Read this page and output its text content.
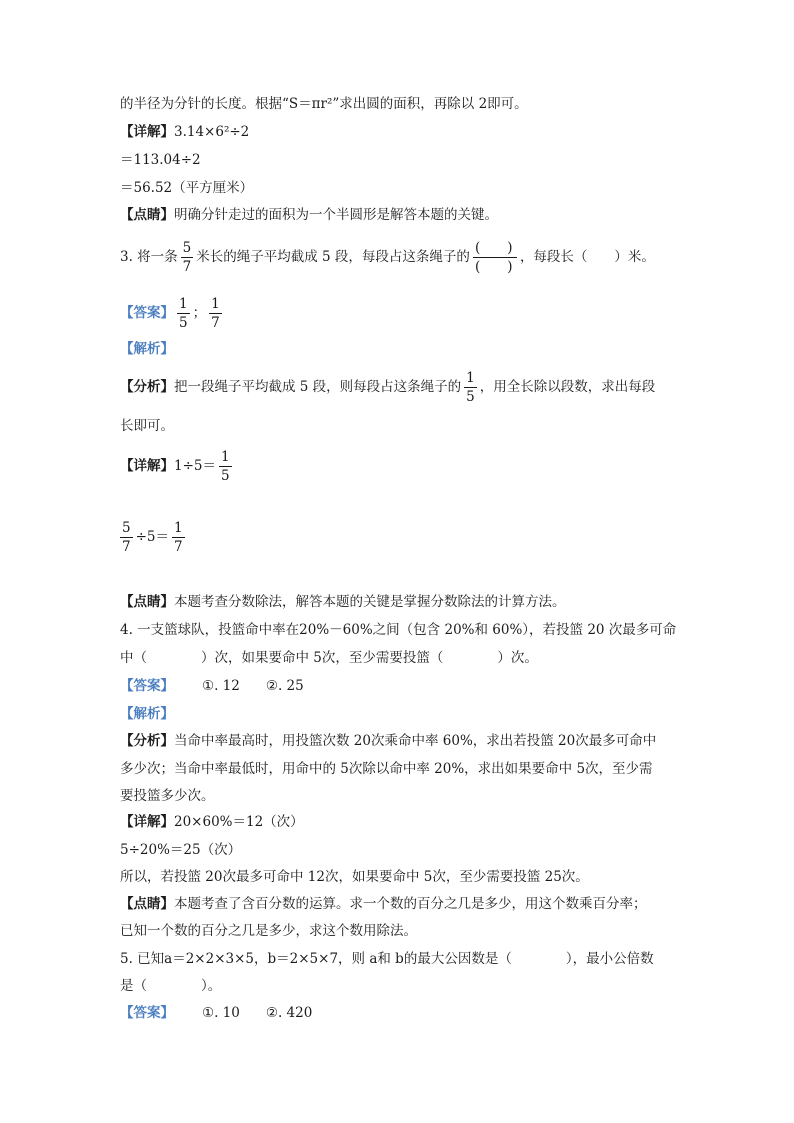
的半径为分针的长度。根据“S＝πr²”求出圆的面积，再除以 2即可。
【详解】3.14×6²÷2
＝113.04÷2
＝56.52（平方厘米）
【点睛】明确分针走过的面积为一个半圆形是解答本题的关键。
3. 将一条 $\frac{5}{7}$ 米长的绳子平均截成 5 段，每段占这条绳子的 $\frac{( )}{( )}$ ，每段长（　　）米。
【答案】 $\frac{1}{5}$ ； $\frac{1}{7}$
【解析】
【分析】把一段绳子平均截成 5 段，则每段占这条绳子的 $\frac{1}{5}$ ，用全长除以段数，求出每段
长即可。
【详解】$1\div 5= \frac{1}{5}$
$\frac{5}{7} \div 5= \frac{1}{7}$
【点睛】本题考查分数除法，解答本题的关键是掌握分数除法的计算方法。
4. 一支篮球队，投篮命中率在20%－60%之间（包含 20%和 60%），若投篮 20 次最多可命
中（　　　　）次，如果要命中 5次，至少需要投篮（　　　　）次。
【答案】 ①. 12 ②. 25
【解析】
【分析】当命中率最高时，用投篮次数 20次乘命中率 60%，求出若投篮 20次最多可命中
多少次；当命中率最低时，用命中的 5次除以命中率 20%，求出如果要命中 5次，至少需
要投篮多少次。
【详解】20×60%＝12（次）
5÷20%＝25（次）
所以，若投篮 20次最多可命中 12次，如果要命中 5次，至少需要投篮 25次。
【点睛】本题考查了含百分数的运算。求一个数的百分之几是多少，用这个数乘百分率；
已知一个数的百分之几是多少，求这个数用除法。
5. 已知a＝2×2×3×5，b＝2×5×7，则 a和 b的最大公因数是（　　　　），最小公倍数
是（　　　　）。
【答案】 ①. 10 ②. 420
